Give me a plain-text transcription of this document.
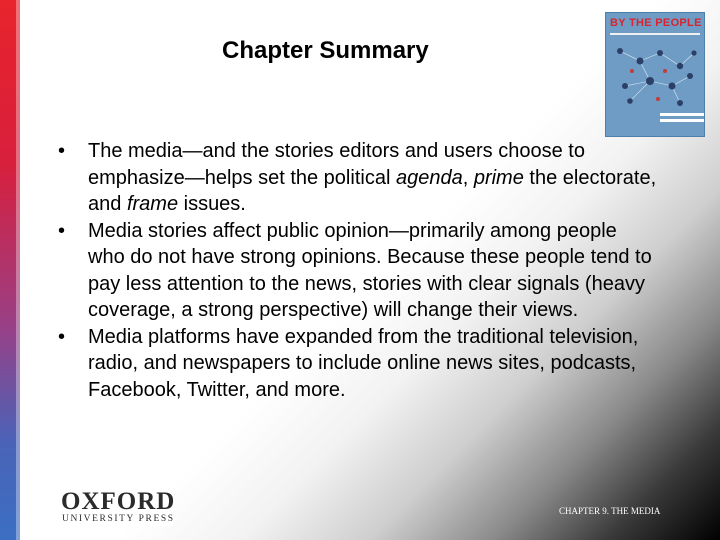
Chapter Summary
BY THE PEOPLE
• The media—and the stories editors and users choose to emphasize—helps set the political agenda, prime the electorate, and frame issues.
• Media stories affect public opinion—primarily among people who do not have strong opinions. Because these people tend to pay less attention to the news, stories with clear signals (heavy coverage, a strong perspective) will change their views.
• Media platforms have expanded from the traditional television, radio, and newspapers to include online news sites, podcasts, Facebook, Twitter, and more.
OXFORD
UNIVERSITY PRESS
CHAPTER 9. THE MEDIA
